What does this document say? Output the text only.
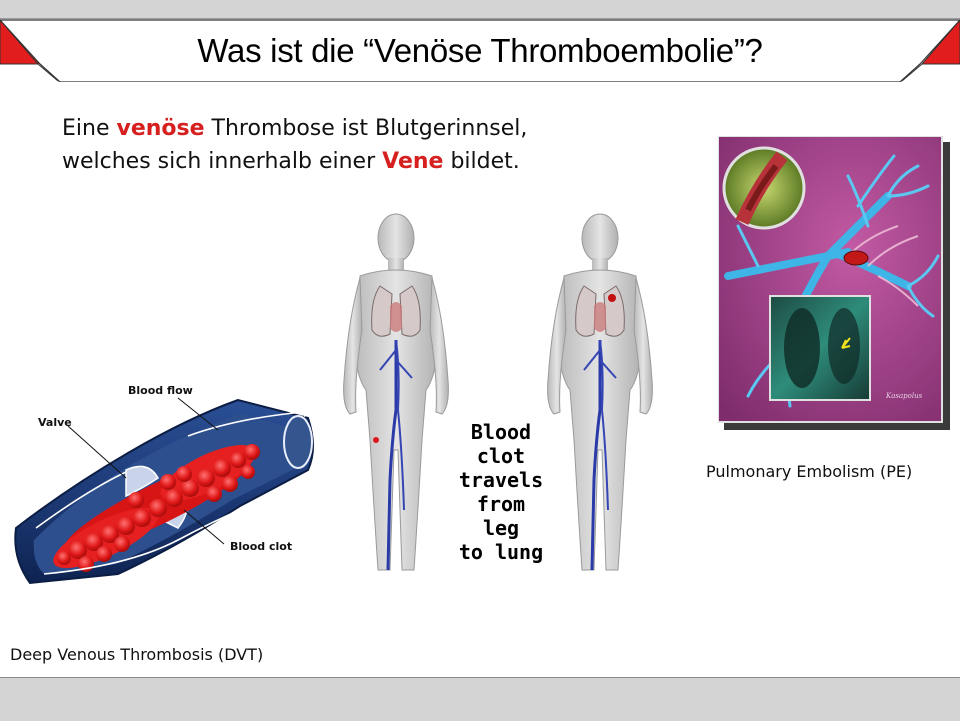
Was ist die “Venöse Thromboembolie”?
Eine venöse Thrombose ist Blutgerinnsel,
welches sich innerhalb einer Vene bildet.
Blood flow
Valve
Blood clot
Blood
clot
travels
from leg
to lung
Kasapolus
Pulmonary Embolism (PE)
Deep Venous Thrombosis (DVT)
